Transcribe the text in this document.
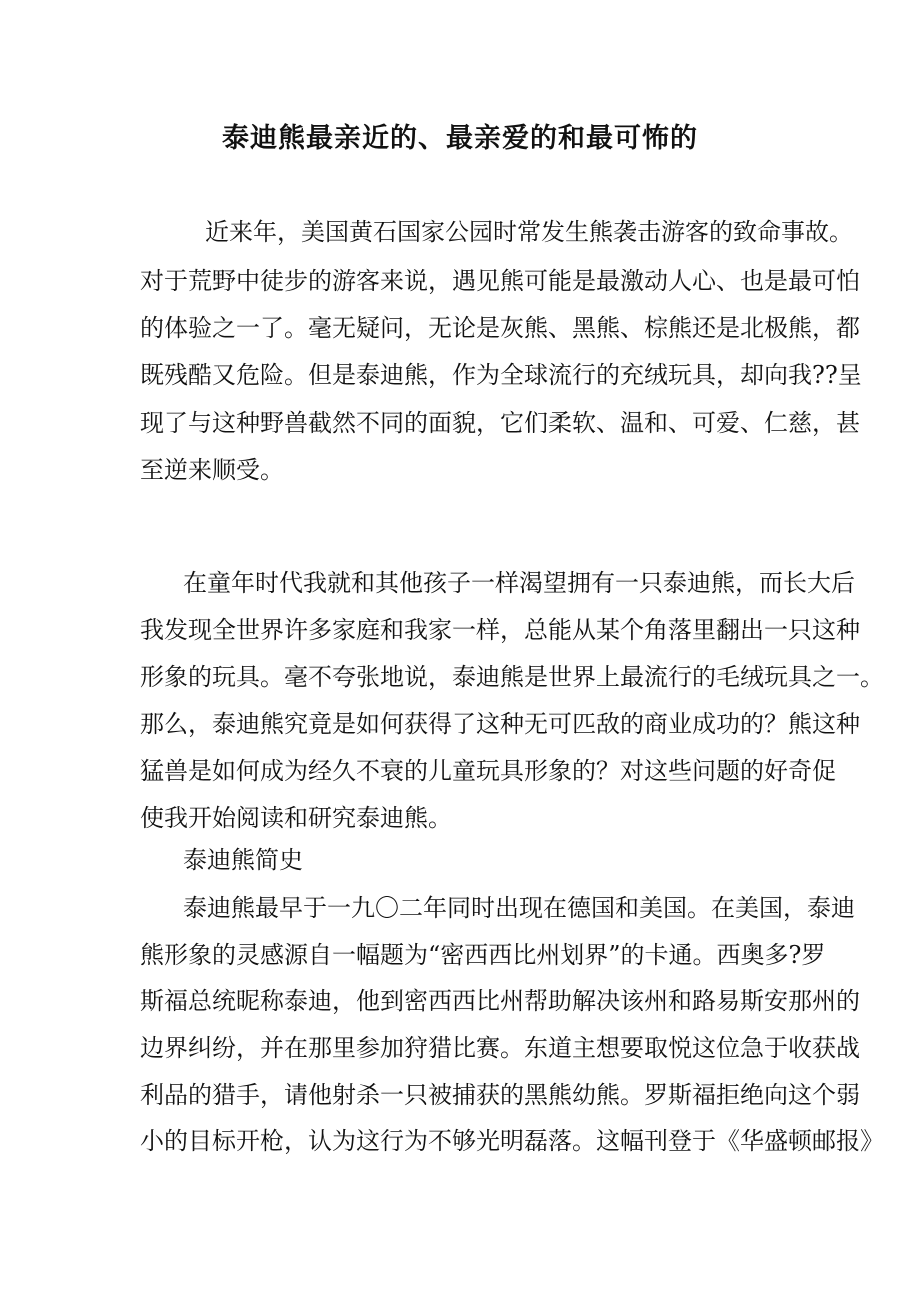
泰迪熊最亲近的、最亲爱的和最可怖的
近来年，美国黄石国家公园时常发生熊袭击游客的致命事故。
对于荒野中徒步的游客来说，遇见熊可能是最激动人心、也是最可怕
的体验之一了。毫无疑问，无论是灰熊、黑熊、棕熊还是北极熊，都
既残酷又危险。但是泰迪熊，作为全球流行的充绒玩具，却向我??呈
现了与这种野兽截然不同的面貌，它们柔软、温和、可爱、仁慈，甚
至逆来顺受。
在童年时代我就和其他孩子一样渴望拥有一只泰迪熊，而长大后
我发现全世界许多家庭和我家一样，总能从某个角落里翻出一只这种
形象的玩具。毫不夸张地说，泰迪熊是世界上最流行的毛绒玩具之一。
那么，泰迪熊究竟是如何获得了这种无可匹敌的商业成功的？熊这种
猛兽是如何成为经久不衰的儿童玩具形象的？对这些问题的好奇促
使我开始阅读和研究泰迪熊。
泰迪熊简史
泰迪熊最早于一九〇二年同时出现在德国和美国。在美国，泰迪
熊形象的灵感源自一幅题为“密西西比州划界”的卡通。西奥多?罗
斯福总统昵称泰迪，他到密西西比州帮助解决该州和路易斯安那州的
边界纠纷，并在那里参加狩猎比赛。东道主想要取悦这位急于收获战
利品的猎手，请他射杀一只被捕获的黑熊幼熊。罗斯福拒绝向这个弱
小的目标开枪，认为这行为不够光明磊落。这幅刊登于《华盛顿邮报》
